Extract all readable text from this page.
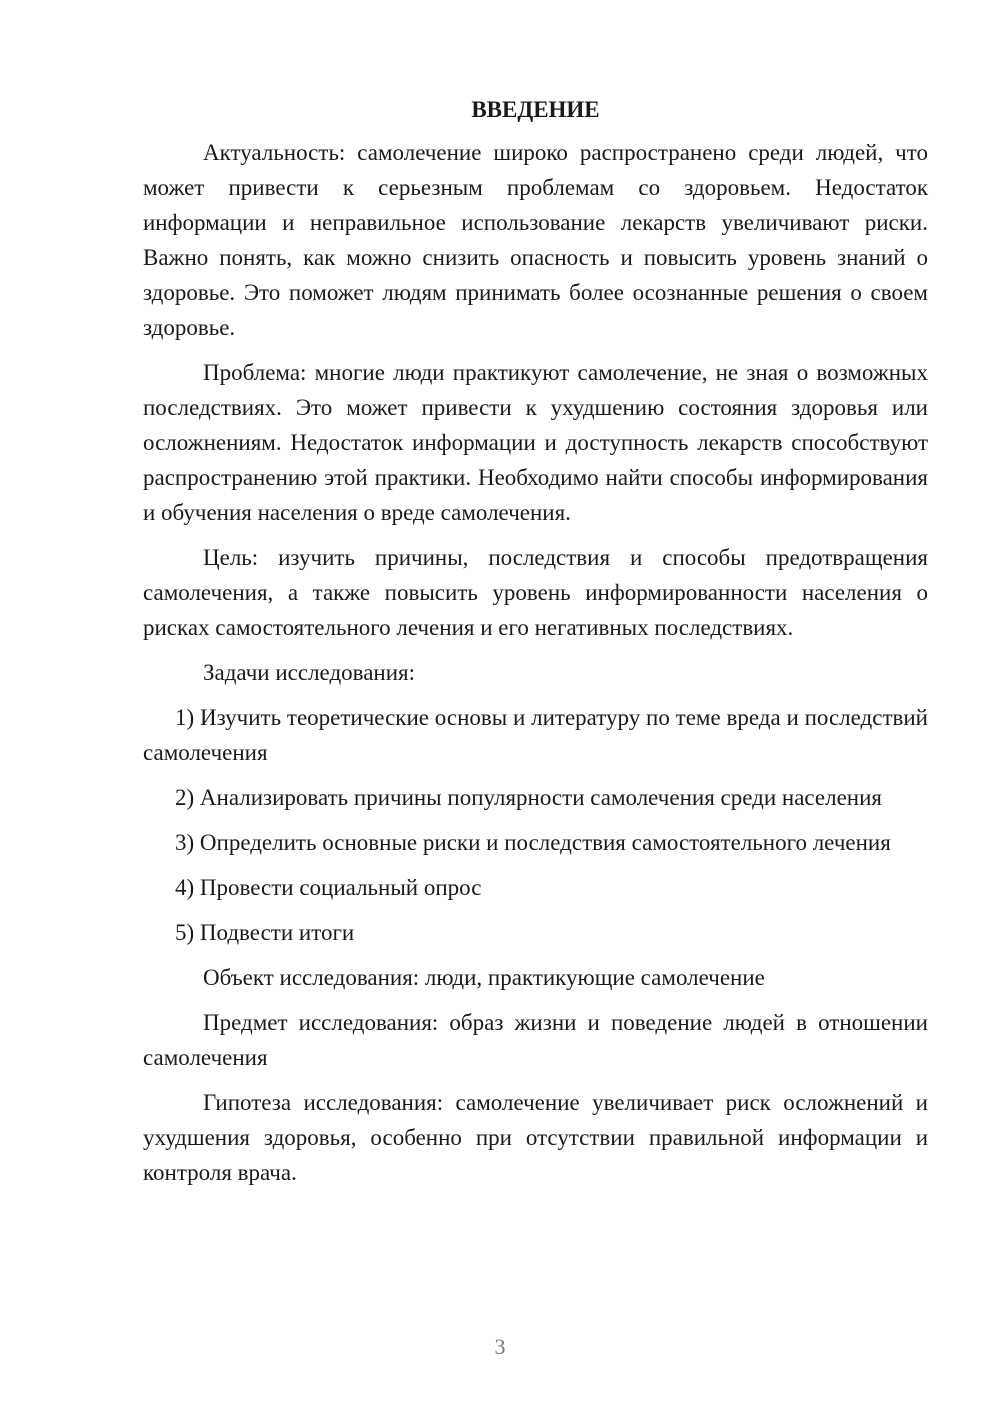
ВВЕДЕНИЕ

Актуальность: самолечение широко распространено среди людей, что может привести к серьезным проблемам со здоровьем. Недостаток информации и неправильное использование лекарств увеличивают риски. Важно понять, как можно снизить опасность и повысить уровень знаний о здоровье. Это поможет людям принимать более осознанные решения о своем здоровье.

Проблема: многие люди практикуют самолечение, не зная о возможных последствиях. Это может привести к ухудшению состояния здоровья или осложнениям. Недостаток информации и доступность лекарств способствуют распространению этой практики. Необходимо найти способы информирования и обучения населения о вреде самолечения.

Цель: изучить причины, последствия и способы предотвращения самолечения, а также повысить уровень информированности населения о рисках самостоятельного лечения и его негативных последствиях.

Задачи исследования:

1) Изучить теоретические основы и литературу по теме вреда и последствий самолечения

2) Анализировать причины популярности самолечения среди населения

3) Определить основные риски и последствия самостоятельного лечения

4) Провести социальный опрос

5) Подвести итоги

Объект исследования: люди, практикующие самолечение

Предмет исследования: образ жизни и поведение людей в отношении самолечения

Гипотеза исследования: самолечение увеличивает риск осложнений и ухудшения здоровья, особенно при отсутствии правильной информации и контроля врача.

3
